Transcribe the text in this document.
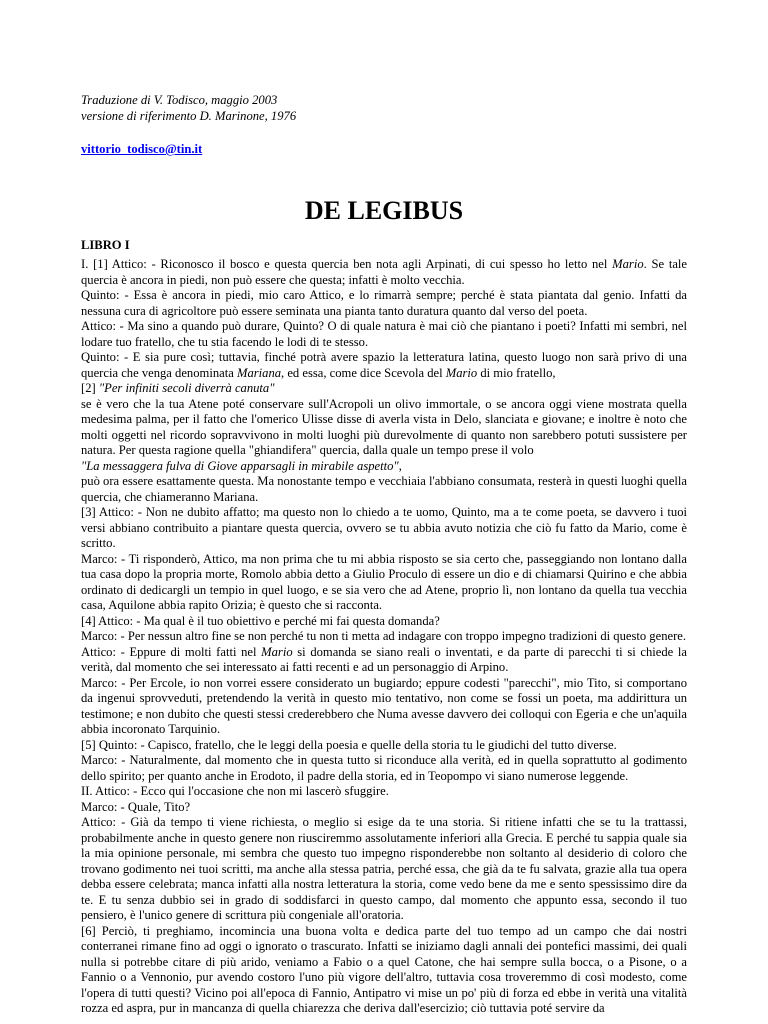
Traduzione di V. Todisco, maggio 2003

versione di riferimento D. Marinone, 1976

vittorio_todisco@tin.it
DE LEGIBUS
LIBRO I

I. [1] Attico: - Riconosco il bosco e questa quercia ben nota agli Arpinati, di cui spesso ho letto nel Mario. Se tale quercia è ancora in piedi, non può essere che questa; infatti è molto vecchia.

Quinto: - Essa è ancora in piedi, mio caro Attico, e lo rimarrà sempre; perché è stata piantata dal genio. Infatti da nessuna cura di agricoltore può essere seminata una pianta tanto duratura quanto dal verso del poeta.

Attico: - Ma sino a quando può durare, Quinto? O di quale natura è mai ciò che piantano i poeti? Infatti mi sembri, nel lodare tuo fratello, che tu stia facendo le lodi di te stesso.

Quinto: - E sia pure così; tuttavia, finché potrà avere spazio la letteratura latina, questo luogo non sarà privo di una quercia che venga denominata Mariana, ed essa, come dice Scevola del Mario di mio fratello,

[2] "Per infiniti secoli diverrà canuta"

se è vero che la tua Atene poté conservare sull'Acropoli un olivo immortale, o se ancora oggi viene mostrata quella medesima palma, per il fatto che l'omerico Ulisse disse di averla vista in Delo, slanciata e giovane; e inoltre è noto che molti oggetti nel ricordo sopravvivono in molti luoghi più durevolmente di quanto non sarebbero potuti sussistere per natura. Per questa ragione quella "ghiandifera" quercia, dalla quale un tempo prese il volo

"La messaggera fulva di Giove apparsagli in mirabile aspetto",

può ora essere esattamente questa. Ma nonostante tempo e vecchiaia l'abbiano consumata, resterà in questi luoghi quella quercia, che chiameranno Mariana.

[3] Attico: - Non ne dubito affatto; ma questo non lo chiedo a te uomo, Quinto, ma a te come poeta, se davvero i tuoi versi abbiano contribuito a piantare questa quercia, ovvero se tu abbia avuto notizia che ciò fu fatto da Mario, come è scritto.

Marco: - Ti risponderò, Attico, ma non prima che tu mi abbia risposto se sia certo che, passeggiando non lontano dalla tua casa dopo la propria morte, Romolo abbia detto a Giulio Proculo di essere un dio e di chiamarsi Quirino e che abbia ordinato di dedicargli un tempio in quel luogo, e se sia vero che ad Atene, proprio lì, non lontano da quella tua vecchia casa, Aquilone abbia rapito Orizia; è questo che si racconta.

[4] Attico: - Ma qual è il tuo obiettivo e perché mi fai questa domanda?

Marco: - Per nessun altro fine se non perché tu non ti metta ad indagare con troppo impegno tradizioni di questo genere.

Attico: - Eppure di molti fatti nel Mario si domanda se siano reali o inventati, e da parte di parecchi ti si chiede la verità, dal momento che sei interessato ai fatti recenti e ad un personaggio di Arpino.

Marco: - Per Ercole, io non vorrei essere considerato un bugiardo; eppure codesti "parecchi", mio Tito, si comportano da ingenui sprovveduti, pretendendo la verità in questo mio tentativo, non come se fossi un poeta, ma addirittura un testimone; e non dubito che questi stessi crederebbero che Numa avesse davvero dei colloqui con Egeria e che un'aquila abbia incoronato Tarquinio.

[5] Quinto: - Capisco, fratello, che le leggi della poesia e quelle della storia tu le giudichi del tutto diverse.

Marco: - Naturalmente, dal momento che in questa tutto si riconduce alla verità, ed in quella soprattutto al godimento dello spirito; per quanto anche in Erodoto, il padre della storia, ed in Teopompo vi siano numerose leggende.

II. Attico: - Ecco qui l'occasione che non mi lascerò sfuggire.

Marco: - Quale, Tito?

Attico: - Già da tempo ti viene richiesta, o meglio si esige da te una storia. Si ritiene infatti che se tu la trattassi, probabilmente anche in questo genere non riusciremmo assolutamente inferiori alla Grecia. E perché tu sappia quale sia la mia opinione personale, mi sembra che questo tuo impegno risponderebbe non soltanto al desiderio di coloro che trovano godimento nei tuoi scritti, ma anche alla stessa patria, perché essa, che già da te fu salvata, grazie alla tua opera debba essere celebrata; manca infatti alla nostra letteratura la storia, come vedo bene da me e sento spessissimo dire da te. E tu senza dubbio sei in grado di soddisfarci in questo campo, dal momento che appunto essa, secondo il tuo pensiero, è l'unico genere di scrittura più congeniale all'oratoria.

[6] Perciò, ti preghiamo, incomincia una buona volta e dedica parte del tuo tempo ad un campo che dai nostri conterranei rimane fino ad oggi o ignorato o trascurato. Infatti se iniziamo dagli annali dei pontefici massimi, dei quali nulla si potrebbe citare di più arido, veniamo a Fabio o a quel Catone, che hai sempre sulla bocca, o a Pisone, o a Fannio o a Vennonio, pur avendo costoro l'uno più vigore dell'altro, tuttavia cosa troveremmo di così modesto, come l'opera di tutti questi? Vicino poi all'epoca di Fannio, Antipatro vi mise un po' più di forza ed ebbe in verità una vitalità rozza ed aspra, pur in mancanza di quella chiarezza che deriva dall'esercizio; ciò tuttavia poté servire da
